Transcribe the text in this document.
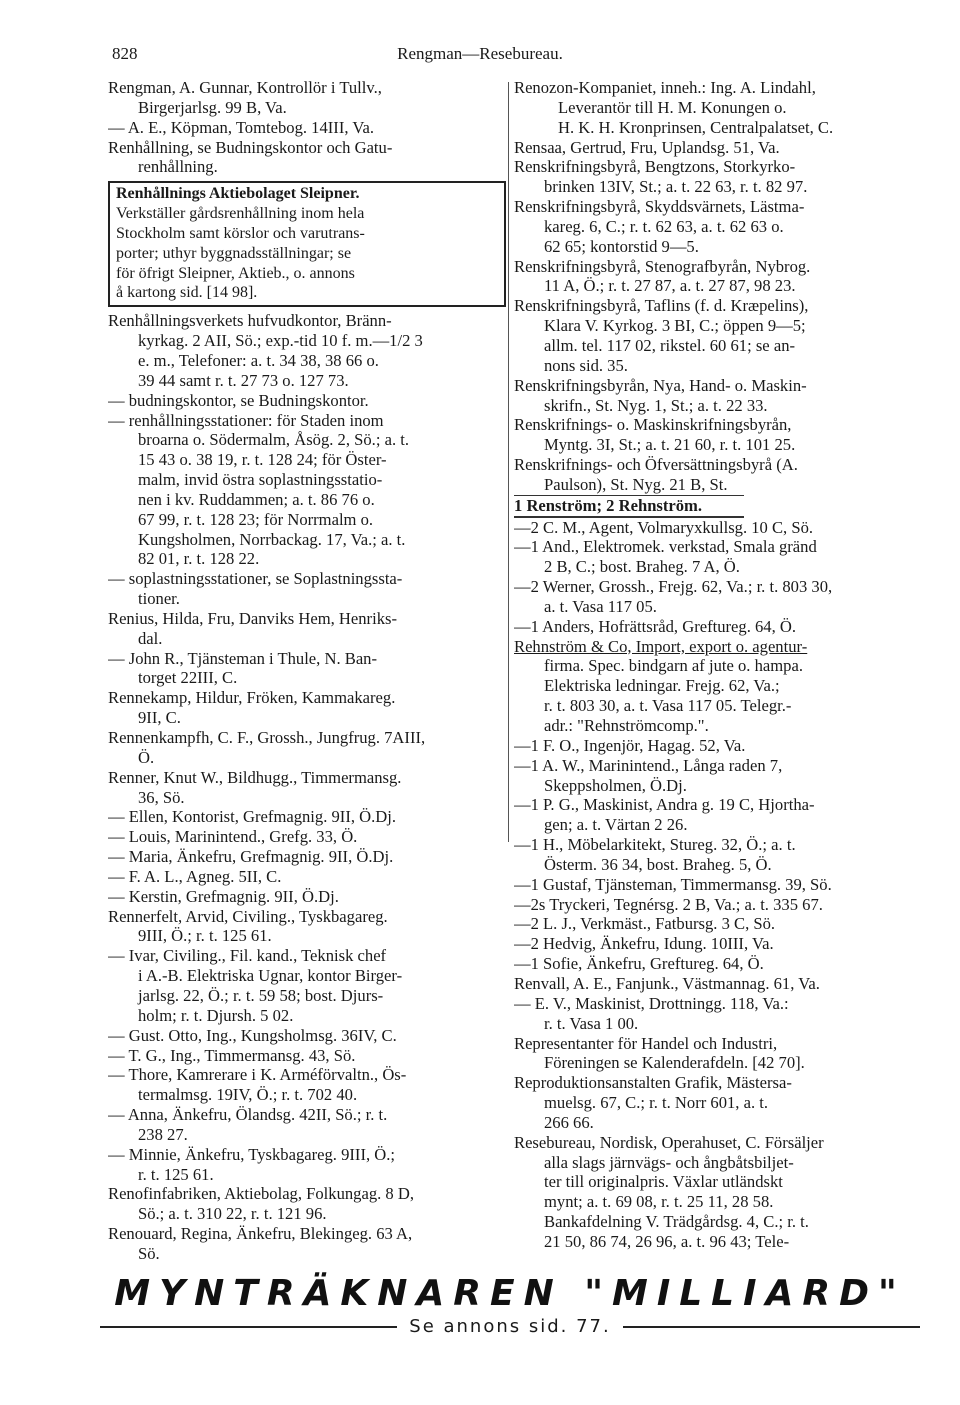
828	Rengman—Resebureau.
Rengman, A. Gunnar, Kontrollör i Tullv.,
Birgerjarlsg. 99 B, Va.
— A. E., Köpman, Tomtebog. 14III, Va.
Renhållning, se Budningskontor och Gatu-
renhållning.
Renhållnings Aktiebolaget Sleipner.
Verkställer gårdsrenhållning inom hela
Stockholm samt körslor och varutrans-
porter; uthyr byggnadsställningar; se
för öfrigt Sleipner, Aktieb., o. annons
å kartong sid. [14 98].
Renhållningsverkets hufvudkontor, Bränn-
kyrkag. 2 AII, Sö.; exp.-tid 10 f. m.—1/2 3
e. m., Telefoner: a. t. 34 38, 38 66 o.
39 44 samt r. t. 27 73 o. 127 73.
— budningskontor, se Budningskontor.
— renhållningsstationer: för Staden inom
broarna o. Södermalm, Åsög. 2, Sö.; a. t.
15 43 o. 38 19, r. t. 128 24; för Öster-
malm, invid östra soplastningsstatio-
nen i kv. Ruddammen; a. t. 86 76 o.
67 99, r. t. 128 23; för Norrmalm o.
Kungsholmen, Norrbackag. 17, Va.; a. t.
82 01, r. t. 128 22.
— soplastningsstationer, se Soplastningssta-
tioner.
Renius, Hilda, Fru, Danviks Hem, Henriks-
dal.
— John R., Tjänsteman i Thule, N. Ban-
torget 22III, C.
Rennekamp, Hildur, Fröken, Kammakareg.
9II, C.
Rennenkampfh, C. F., Grossh., Jungfrug. 7AIII,
Ö.
Renner, Knut W., Bildhugg., Timmermansg.
36, Sö.
— Ellen, Kontorist, Grefmagnig. 9II, Ö.Dj.
— Louis, Marinintend., Grefg. 33, Ö.
— Maria, Änkefru, Grefmagnig. 9II, Ö.Dj.
— F. A. L., Agneg. 5II, C.
— Kerstin, Grefmagnig. 9II, Ö.Dj.
Rennerfelt, Arvid, Civiling., Tyskbagareg.
9III, Ö.; r. t. 125 61.
— Ivar, Civiling., Fil. kand., Teknisk chef
i A.-B. Elektriska Ugnar, kontor Birger-
jarlsg. 22, Ö.; r. t. 59 58; bost. Djurs-
holm; r. t. Djursh. 5 02.
— Gust. Otto, Ing., Kungsholmsg. 36IV, C.
— T. G., Ing., Timmermansg. 43, Sö.
— Thore, Kamrerare i K. Arméförvaltn., Ös-
termalmsg. 19IV, Ö.; r. t. 702 40.
— Anna, Änkefru, Ölandsg. 42II, Sö.; r. t.
238 27.
— Minnie, Änkefru, Tyskbagareg. 9III, Ö.;
r. t. 125 61.
Renofinfabriken, Aktiebolag, Folkungag. 8 D,
Sö.; a. t. 310 22, r. t. 121 96.
Renouard, Regina, Änkefru, Blekingeg. 63 A,
Sö.
Renozon-Kompaniet, inneh.: Ing. A. Lindahl,
Leverantör till H. M. Konungen o.
H. K. H. Kronprinsen, Centralpalatset, C.
Rensaa, Gertrud, Fru, Uplandsg. 51, Va.
Renskrifningsbyrå, Bengtzons, Storkyrko-
brinken 13IV, St.; a. t. 22 63, r. t. 82 97.
Renskrifningsbyrå, Skyddsvärnets, Lästma-
kareg. 6, C.; r. t. 62 63, a. t. 62 63 o.
62 65; kontorstid 9—5.
Renskrifningsbyrå, Stenografbyrån, Nybrog.
11 A, Ö.; r. t. 27 87, a. t. 27 87, 98 23.
Renskrifningsbyrå, Taflins (f. d. Kræpelins),
Klara V. Kyrkog. 3 BI, C.; öppen 9—5;
allm. tel. 117 02, rikstel. 60 61; se an-
nons sid. 35.
Renskrifningsbyrån, Nya, Hand- o. Maskin-
skrifn., St. Nyg. 1, St.; a. t. 22 33.
Renskrifnings- o. Maskinskrifningsbyrån,
Myntg. 3I, St.; a. t. 21 60, r. t. 101 25.
Renskrifnings- och Öfversättningsbyrå (A.
Paulson), St. Nyg. 21 B, St.
1 Renström; 2 Rehnström.
—2 C. M., Agent, Volmaryxkullsg. 10 C, Sö.
—1 And., Elektromek. verkstad, Smala gränd
2 B, C.; bost. Braheg. 7 A, Ö.
—2 Werner, Grossh., Frejg. 62, Va.; r. t. 803 30,
a. t. Vasa 117 05.
—1 Anders, Hofrättsråd, Grefturеg. 64, Ö.
Rehnström & Co, Import, export o. agentur-
firma. Spec. bindgarn af jute o. hampa.
Elektriska ledningar. Frejg. 62, Va.;
r. t. 803 30, a. t. Vasa 117 05. Telegr.-
adr.: "Rehnströmcomp.".
—1 F. O., Ingenjör, Hagag. 52, Va.
—1 A. W., Marinintend., Långa raden 7,
Skeppsholmen, Ö.Dj.
—1 P. G., Maskinist, Andra g. 19 C, Hjortha-
gen; a. t. Värtan 2 26.
—1 H., Möbelarkitekt, Stureg. 32, Ö.; a. t.
Österm. 36 34, bost. Braheg. 5, Ö.
—1 Gustaf, Tjänsteman, Timmermansg. 39, Sö.
—2s Tryckeri, Tegnérsg. 2 B, Va.; a. t. 335 67.
—2 L. J., Verkmäst., Fatbursg. 3 C, Sö.
—2 Hedvig, Änkefru, Idung. 10III, Va.
—1 Sofie, Änkefru, Grefturеg. 64, Ö.
Renvall, A. E., Fanjunk., Västmannag. 61, Va.
— E. V., Maskinist, Drottningg. 118, Va.:
r. t. Vasa 1 00.
Representanter för Handel och Industri,
Föreningen se Kalenderafdeln. [42 70].
Reproduktionsanstalten Grafik, Mästersa-
muelsg. 67, C.; r. t. Norr 601, a. t.
266 66.
Resebureau, Nordisk, Operahuset, C. Försäljer
alla slags järnvägs- och ångbåtsbiljet-
ter till originalpris. Växlar utländskt
mynt; a. t. 69 08, r. t. 25 11, 28 58.
Bankafdelning V. Trädgårdsg. 4, C.; r. t.
21 50, 86 74, 26 96, a. t. 96 43; Tele-
MYNTRÄKNAREN "MILLIARD"
Se annons sid. 77.
